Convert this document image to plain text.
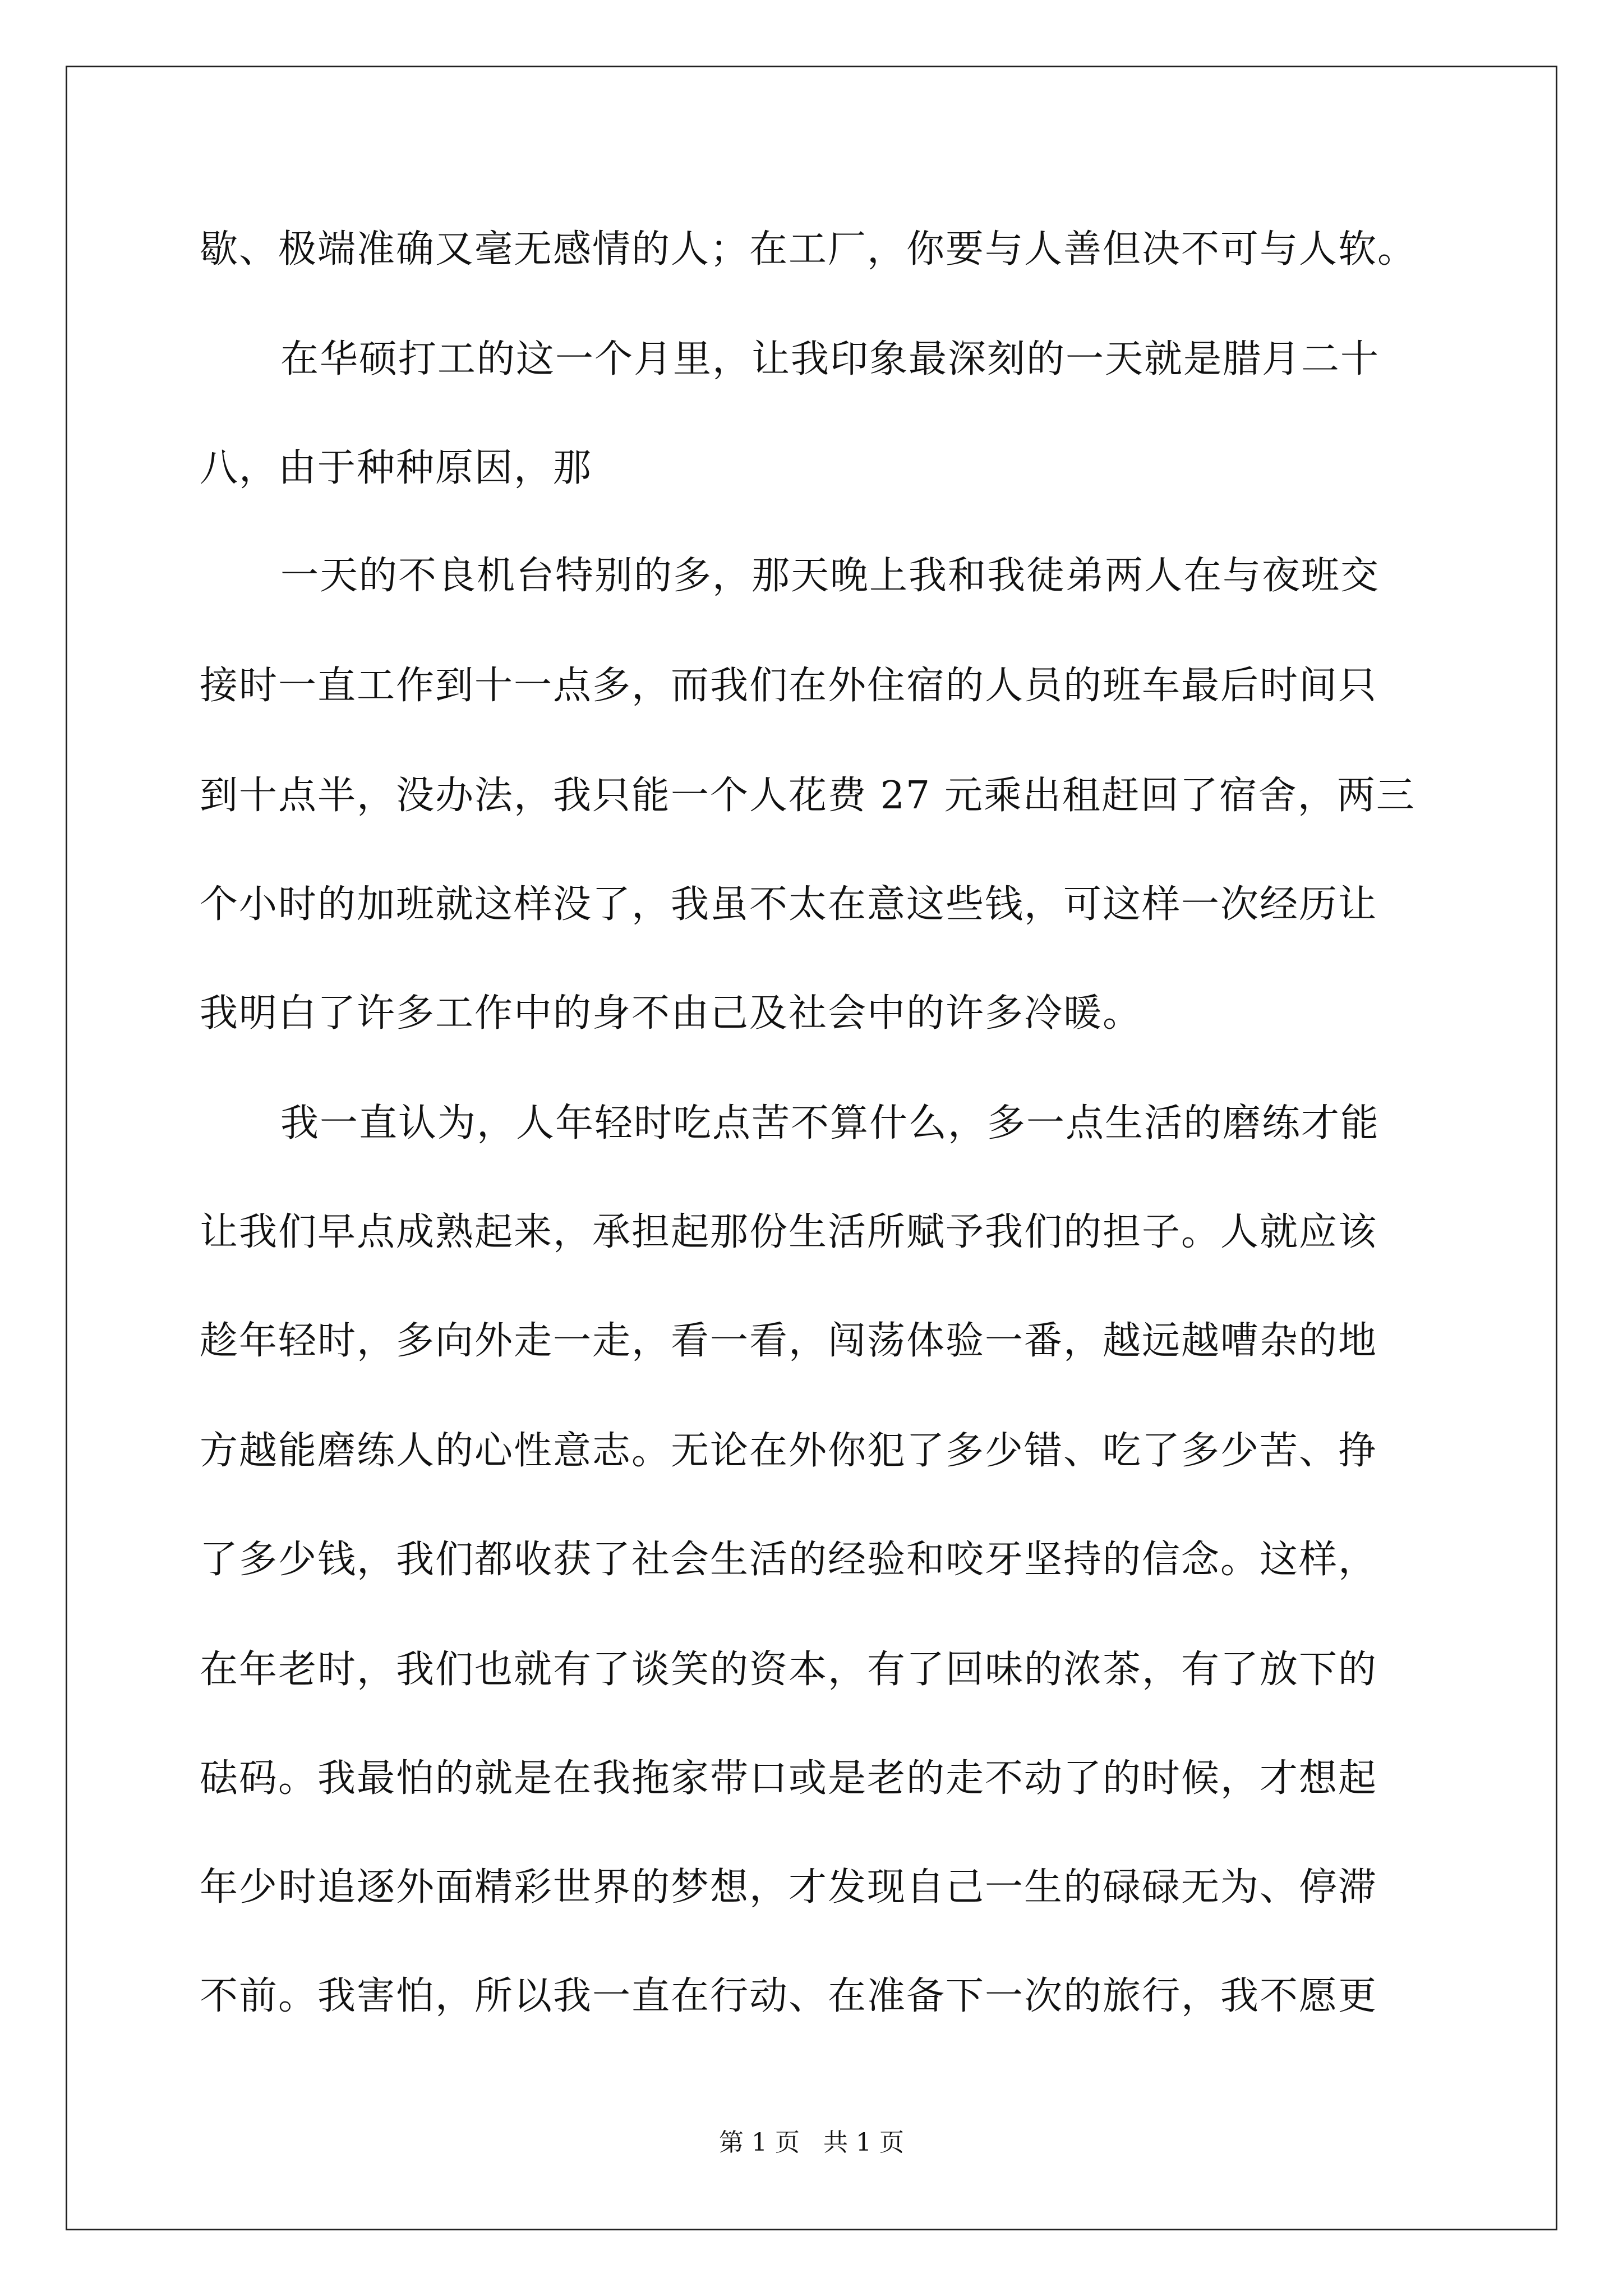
歇、极端准确又毫无感情的人；在工厂，你要与人善但决不可与人软。
在华硕打工的这一个月里，让我印象最深刻的一天就是腊月二十
八，由于种种原因，那
一天的不良机台特别的多，那天晚上我和我徒弟两人在与夜班交
接时一直工作到十一点多，而我们在外住宿的人员的班车最后时间只
到十点半，没办法，我只能一个人花费 27 元乘出租赶回了宿舍，两三
个小时的加班就这样没了，我虽不太在意这些钱，可这样一次经历让
我明白了许多工作中的身不由己及社会中的许多冷暖。
我一直认为，人年轻时吃点苦不算什么，多一点生活的磨练才能
让我们早点成熟起来，承担起那份生活所赋予我们的担子。人就应该
趁年轻时，多向外走一走，看一看，闯荡体验一番，越远越嘈杂的地
方越能磨练人的心性意志。无论在外你犯了多少错、吃了多少苦、挣
了多少钱，我们都收获了社会生活的经验和咬牙坚持的信念。这样，
在年老时，我们也就有了谈笑的资本，有了回味的浓茶，有了放下的
砝码。我最怕的就是在我拖家带口或是老的走不动了的时候，才想起
年少时追逐外面精彩世界的梦想，才发现自己一生的碌碌无为、停滞
不前。我害怕，所以我一直在行动、在准备下一次的旅行，我不愿更
第 1 页   共 1 页
